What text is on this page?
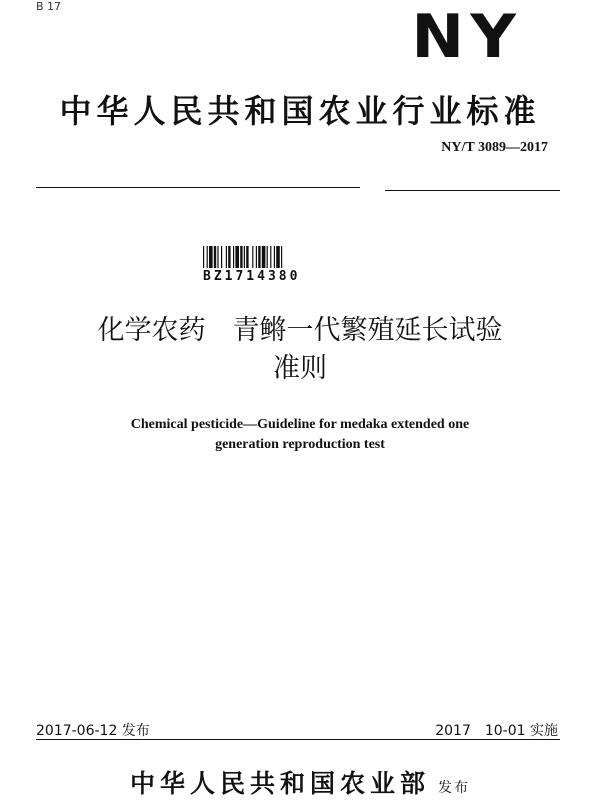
B 17	NY
中华人民共和国农业行业标准
NY/T 3089—2017
BZ1714380
化学农药　青鳉一代繁殖延长试验
准则
Chemical pesticide—Guideline for medaka extended one
generation reproduction test
2017-06-12 发布	2017　10-01 实施
中华人民共和国农业部 发布
